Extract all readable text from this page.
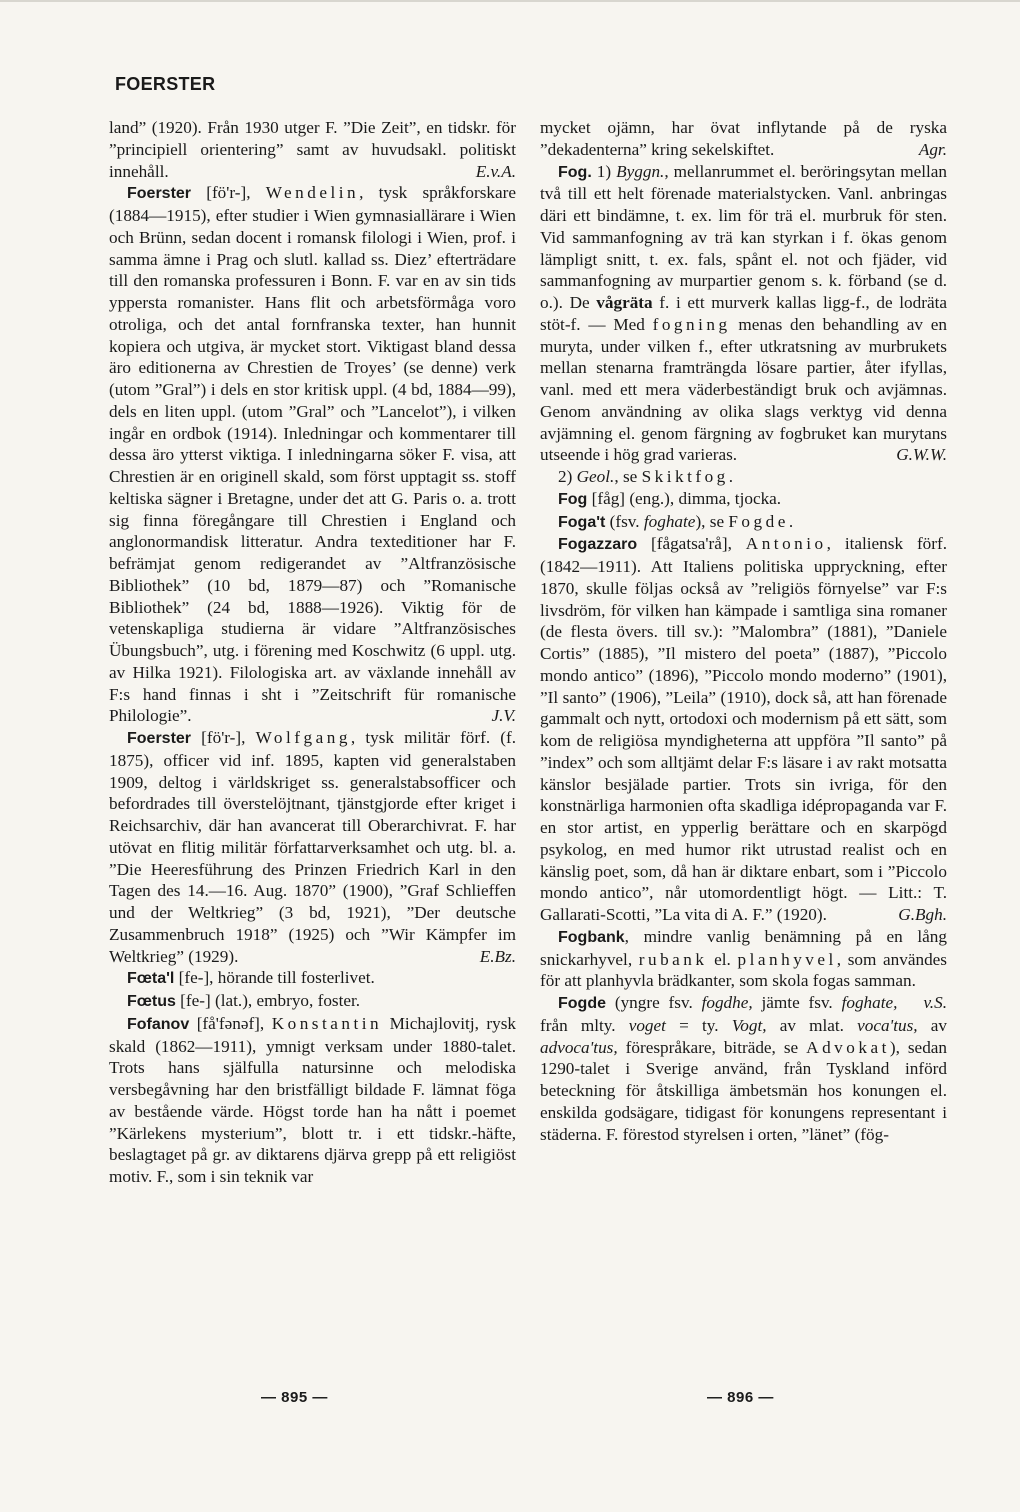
FOERSTER

land” (1920). Från 1930 utger F. ”Die Zeit”, en tidskr. för ”principiell orientering” samt av huvudsakl. politiskt innehåll.	E.v.A.

Foerster [fö'r-], Wendelin, tysk språkforskare (1884—1915), efter studier i Wien gymnasiallärare i Wien och Brünn, sedan docent i romansk filologi i Wien, prof. i samma ämne i Prag och slutl. kallad ss. Diez’ efterträdare till den romanska professuren i Bonn. F. var en av sin tids yppersta romanister. Hans flit och arbetsförmåga voro otroliga, och det antal fornfranska texter, han hunnit kopiera och utgiva, är mycket stort. Viktigast bland dessa äro editionerna av Chrestien de Troyes’ (se denne) verk (utom ”Gral”) i dels en stor kritisk uppl. (4 bd, 1884—99), dels en liten uppl. (utom ”Gral” och ”Lancelot”), i vilken ingår en ordbok (1914). Inledningar och kommentarer till dessa äro ytterst viktiga. I inledningarna söker F. visa, att Chrestien är en originell skald, som först upptagit ss. stoff keltiska sägner i Bretagne, under det att G. Paris o. a. trott sig finna föregångare till Chrestien i England och anglonormandisk litteratur. Andra texteditioner har F. befrämjat genom redigerandet av ”Altfranzösische Bibliothek” (10 bd, 1879—87) och ”Romanische Bibliothek” (24 bd, 1888—1926). Viktig för de vetenskapliga studierna är vidare ”Altfranzösisches Übungsbuch”, utg. i förening med Koschwitz (6 uppl. utg. av Hilka 1921). Filologiska art. av växlande innehåll av F:s hand finnas i sht i ”Zeitschrift für romanische Philologie”.	J.V.

Foerster [fö'r-], Wolfgang, tysk militär förf. (f. 1875), officer vid inf. 1895, kapten vid generalstaben 1909, deltog i världskriget ss. generalstabsofficer och befordrades till överstelöjtnant, tjänstgjorde efter kriget i Reichsarchiv, där han avancerat till Oberarchivrat. F. har utövat en flitig militär författarverksamhet och utg. bl. a. ”Die Heeresführung des Prinzen Friedrich Karl in den Tagen des 14.—16. Aug. 1870” (1900), ”Graf Schlieffen und der Weltkrieg” (3 bd, 1921), ”Der deutsche Zusammenbruch 1918” (1925) och ”Wir Kämpfer im Weltkrieg” (1929).	E.Bz.

Fœta'l [fe-], hörande till fosterlivet.

Fœtus [fe-] (lat.), embryo, foster.

Fofanov [få'fənəf], Konstantin Michajlovitj, rysk skald (1862—1911), ymnigt verksam under 1880-talet. Trots hans själfulla natursinne och melodiska versbegåvning har den bristfälligt bildade F. lämnat föga av bestående värde. Högst torde han ha nått i poemet ”Kärlekens mysterium”, blott tr. i ett tidskr.-häfte, beslagtaget på gr. av diktarens djärva grepp på ett religiöst motiv. F., som i sin teknik var

mycket ojämn, har övat inflytande på de ryska ”dekadenterna” kring sekelskiftet.	Agr.

Fog. 1) Byggn., mellanrummet el. beröringsytan mellan två till ett helt förenade materialstycken. Vanl. anbringas däri ett bindämne, t. ex. lim för trä el. murbruk för sten. Vid sammanfogning av trä kan styrkan i f. ökas genom lämpligt snitt, t. ex. fals, spånt el. not och fjäder, vid sammanfogning av murpartier genom s. k. förband (se d. o.). De vågräta f. i ett murverk kallas ligg-f., de lodräta stöt-f. — Med fogning menas den behandling av en muryta, under vilken f., efter utkratsning av murbrukets mellan stenarna framträngda lösare partier, åter ifyllas, vanl. med ett mera väderbeständigt bruk och avjämnas. Genom användning av olika slags verktyg vid denna avjämning el. genom färgning av fogbruket kan murytans utseende i hög grad varieras.	G.W.W.

2) Geol., se Skiktfog.

Fog [fåg] (eng.), dimma, tjocka.

Foga't (fsv. foghate), se Fogde.

Fogazzaro [fågatsa'rå], Antonio, italiensk förf. (1842—1911). Att Italiens politiska uppryckning, efter 1870, skulle följas också av ”religiös förnyelse” var F:s livsdröm, för vilken han kämpade i samtliga sina romaner (de flesta övers. till sv.): ”Malombra” (1881), ”Daniele Cortis” (1885), ”Il mistero del poeta” (1887), ”Piccolo mondo antico” (1896), ”Piccolo mondo moderno” (1901), ”Il santo” (1906), ”Leila” (1910), dock så, att han förenade gammalt och nytt, ortodoxi och modernism på ett sätt, som kom de religiösa myndigheterna att uppföra ”Il santo” på ”index” och som alltjämt delar F:s läsare i av rakt motsatta känslor besjälade partier. Trots sin ivriga, för den konstnärliga harmonien ofta skadliga idépropaganda var F. en stor artist, en ypperlig berättare och en skarpögd psykolog, en med humor rikt utrustad realist och en känslig poet, som, då han är diktare enbart, som i ”Piccolo mondo antico”, når utomordentligt högt. — Litt.: T. Gallarati-Scotti, ”La vita di A. F.” (1920).	G.Bgh.

Fogbank, mindre vanlig benämning på en lång snickarhyvel, rubank el. planhyvel, som användes för att planhyvla brädkanter, som skola fogas samman.
v.S.

Fogde (yngre fsv. fogdhe, jämte fsv. foghate, från mlty. voget = ty. Vogt, av mlat. voca'tus, av advoca'tus, förespråkare, biträde, se Advokat), sedan 1290-talet i Sverige använd, från Tyskland införd beteckning för åtskilliga ämbetsmän hos konungen el. enskilda godsägare, tidigast för konungens representant i städerna. F. förestod styrelsen i orten, ”länet” (fög-

— 895 —	— 896 —
